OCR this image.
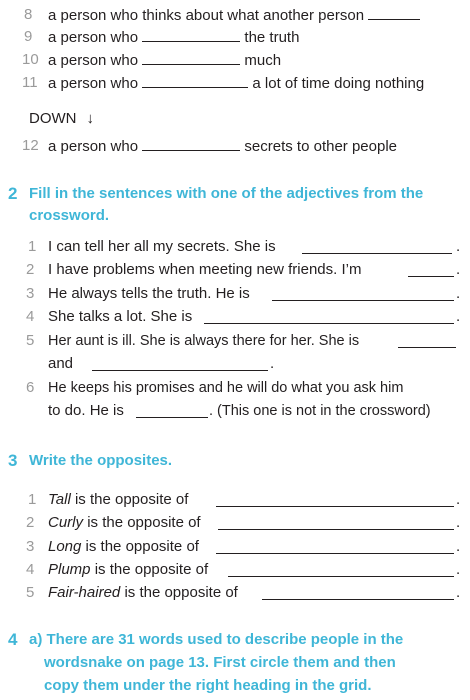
8 a person who thinks about what another person
9 a person who	the truth
10 a person who	much
11 a person who	a lot of time doing nothing
DOWN ↓
12 a person who	secrets to other people
2 Fill in the sentences with one of the adjectives from the
crossword.
1 I can tell her all my secrets. She is	.
2 I have problems when meeting new friends. I’m	.
3 He always tells the truth. He is	.
4 She talks a lot. She is	.
5 Her aunt is ill. She is always there for her. She is
and	.
6 He keeps his promises and he will do what you ask him
to do. He is	. (This one is not in the crossword)
3 Write the opposites.
1 Tall is the opposite of	.
2 Curly is the opposite of	.
3 Long is the opposite of	.
4 Plump is the opposite of	.
5 Fair-haired is the opposite of	.
4 a) There are 31 words used to describe people in the
wordsnake on page 13. First circle them and then
copy them under the right heading in the grid.
